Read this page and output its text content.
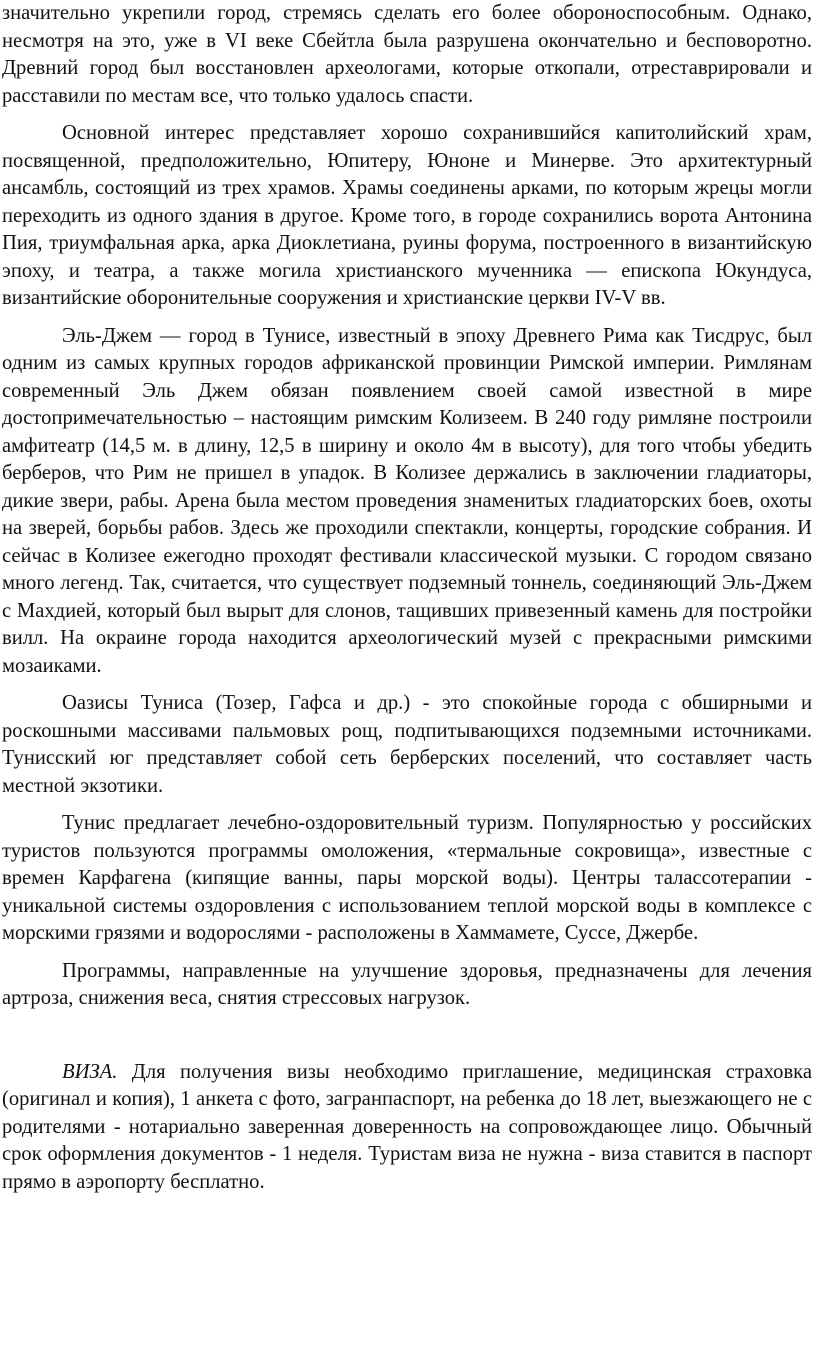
значительно укрепили город, стремясь сделать его более обороноспособным. Однако, несмотря на это, уже в VI веке Сбейтла была разрушена окончательно и бесповоротно. Древний город был восстановлен археологами, которые откопали, отреставрировали и расставили по местам все, что только удалось спасти.

Основной интерес представляет хорошо сохранившийся капитолийский храм, посвященной, предположительно, Юпитеру, Юноне и Минерве. Это архитектурный ансамбль, состоящий из трех храмов. Храмы соединены арками, по которым жрецы могли переходить из одного здания в другое. Кроме того, в городе сохранились ворота Антонина Пия, триумфальная арка, арка Диоклетиана, руины форума, построенного в византийскую эпоху, и театра, а также могила христианского мученника — епископа Юкундуса, византийские оборонительные сооружения и христианские церкви IV-V вв.

Эль-Джем — город в Тунисе, известный в эпоху Древнего Рима как Тисдрус, был одним из самых крупных городов африканской провинции Римской империи. Римлянам современный Эль Джем обязан появлением своей самой известной в мире достопримечательностью – настоящим римским Колизеем. В 240 году римляне построили амфитеатр (14,5 м. в длину, 12,5 в ширину и около 4м в высоту), для того чтобы убедить берберов, что Рим не пришел в упадок. В Колизее держались в заключении гладиаторы, дикие звери, рабы. Арена была местом проведения знаменитых гладиаторских боев, охоты на зверей, борьбы рабов. Здесь же проходили спектакли, концерты, городские собрания. И сейчас в Колизее ежегодно проходят фестивали классической музыки. С городом связано много легенд. Так, считается, что существует подземный тоннель, соединяющий Эль-Джем с Махдией, который был вырыт для слонов, тащивших привезенный камень для постройки вилл. На окраине города находится археологический музей с прекрасными римскими мозаиками.

Оазисы Туниса (Тозер, Гафса и др.) - это спокойные города с обширными и роскошными массивами пальмовых рощ, подпитывающихся подземными источниками. Тунисский юг представляет собой сеть берберских поселений, что составляет часть местной экзотики.

Тунис предлагает лечебно-оздоровительный туризм. Популярностью у российских туристов пользуются программы омоложения, «термальные сокровища», известные с времен Карфагена (кипящие ванны, пары морской воды). Центры талассотерапии - уникальной системы оздоровления с использованием теплой морской воды в комплексе с морскими грязями и водорослями - расположены в Хаммамете, Суссе, Джербе.

Программы, направленные на улучшение здоровья, предназначены для лечения артроза, снижения веса, снятия стрессовых нагрузок.

ВИЗА. Для получения визы необходимо приглашение, медицинская страховка (оригинал и копия), 1 анкета с фото, загранпаспорт, на ребенка до 18 лет, выезжающего не с родителями - нотариально заверенная доверенность на сопровождающее лицо. Обычный срок оформления документов - 1 неделя. Туристам виза не нужна - виза ставится в паспорт прямо в аэропорту бесплатно.
